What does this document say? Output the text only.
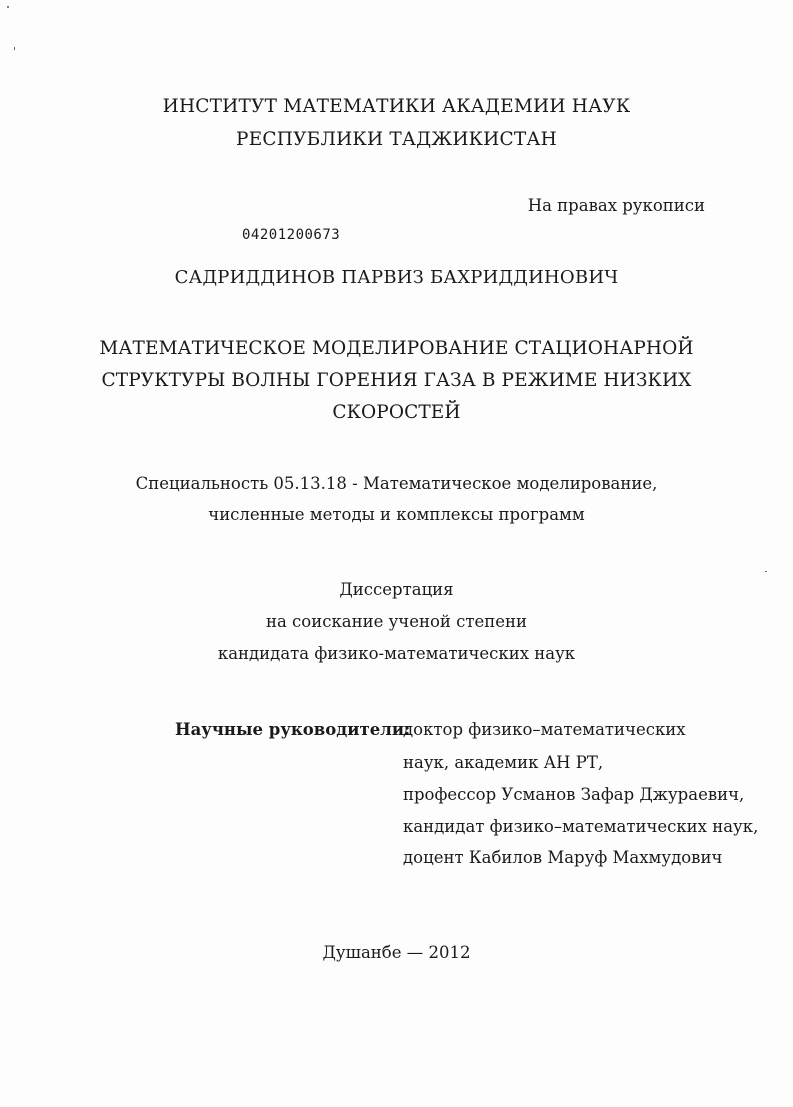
ИНСТИТУТ МАТЕМАТИКИ АКАДЕМИИ НАУК
РЕСПУБЛИКИ ТАДЖИКИСТАН
На правах рукописи
04201200673
САДРИДДИНОВ ПАРВИЗ БАХРИДДИНОВИЧ
МАТЕМАТИЧЕСКОЕ МОДЕЛИРОВАНИЕ СТАЦИОНАРНОЙ
СТРУКТУРЫ ВОЛНЫ ГОРЕНИЯ ГАЗА В РЕЖИМЕ НИЗКИХ
СКОРОСТЕЙ
Специальность 05.13.18 - Математическое моделирование,
численные методы и комплексы программ
Диссертация
на соискание ученой степени
кандидата физико-математических наук
Научные руководители:
доктор физико–математических
наук, академик АН РТ,
профессор Усманов Зафар Джураевич,
кандидат физико–математических наук,
доцент Кабилов Маруф Махмудович
Душанбе — 2012
